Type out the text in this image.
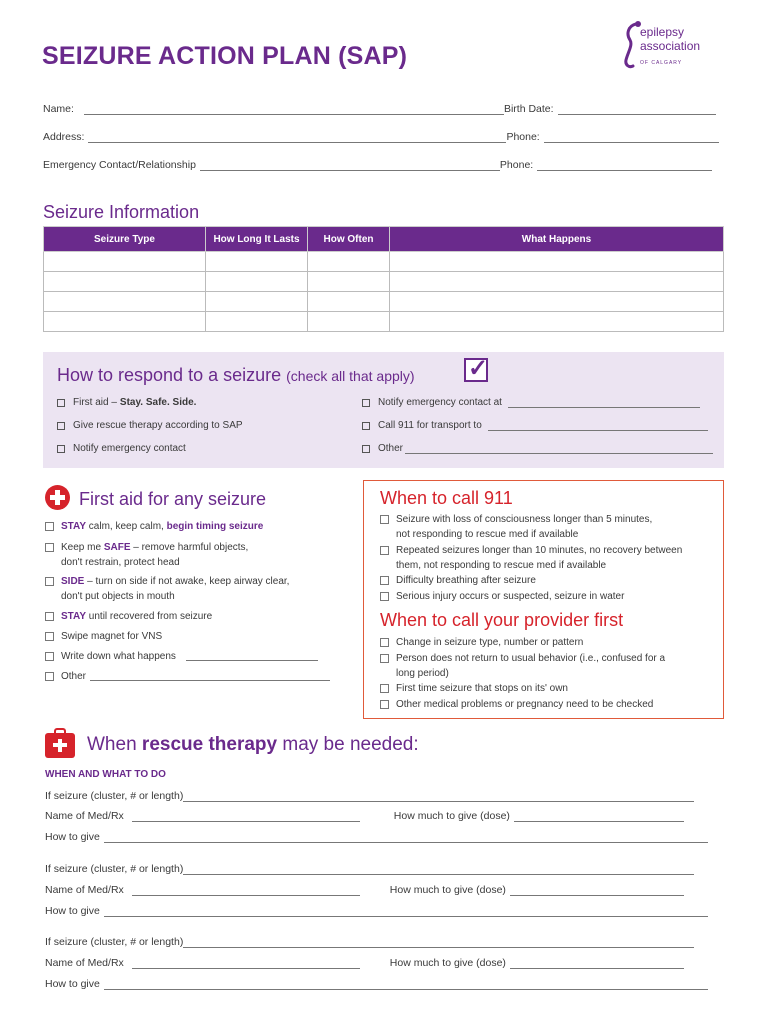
SEIZURE ACTION PLAN (SAP)
epilepsy
association
OF CALGARY
Name:	Birth Date:
Address:	Phone:
Emergency Contact/Relationship	Phone:
Seizure Information
Seizure Type	How Long It Lasts	How Often	What Happens

How to respond to a seizure (check all that apply) ✓
First aid – Stay. Safe. Side.
Give rescue therapy according to SAP
Notify emergency contact
Notify emergency contact at
Call 911 for transport to
Other
First aid for any seizure
STAY calm, keep calm, begin timing seizure
Keep me SAFE – remove harmful objects,
don't restrain, protect head
SIDE – turn on side if not awake, keep airway clear,
don't put objects in mouth
STAY until recovered from seizure
Swipe magnet for VNS
Write down what happens
Other
When to call 911
Seizure with loss of consciousness longer than 5 minutes,
not responding to rescue med if available
Repeated seizures longer than 10 minutes, no recovery between
them, not responding to rescue med if available
Difficulty breathing after seizure
Serious injury occurs or suspected, seizure in water
When to call your provider first
Change in seizure type, number or pattern
Person does not return to usual behavior (i.e., confused for a
long period)
First time seizure that stops on its' own
Other medical problems or pregnancy need to be checked
When rescue therapy may be needed:
WHEN AND WHAT TO DO
If seizure (cluster, # or length)
Name of Med/Rx	How much to give (dose)
How to give
If seizure (cluster, # or length)
Name of Med/Rx	How much to give (dose)
How to give
If seizure (cluster, # or length)
Name of Med/Rx	How much to give (dose)
How to give
